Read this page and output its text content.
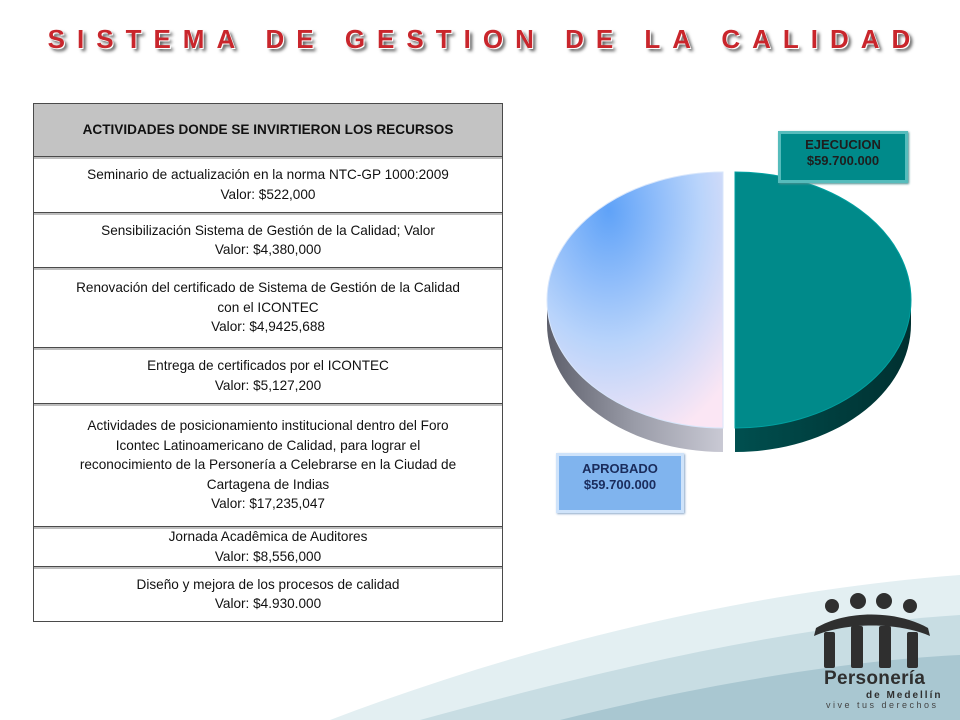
SISTEMA DE GESTION DE LA CALIDAD
ACTIVIDADES DONDE SE INVIRTIERON LOS RECURSOS

Seminario de actualización en la norma NTC-GP 1000:2009
Valor: $522,000

Sensibilización Sistema de Gestión de la Calidad; Valor
Valor: $4,380,000

Renovación del certificado de Sistema de Gestión de la Calidad
con el ICONTEC
Valor: $4,9425,688

Entrega de certificados por el ICONTEC
Valor: $5,127,200

Actividades de posicionamiento institucional dentro del Foro
Icontec Latinoamericano de Calidad, para lograr el
reconocimiento de la Personería a Celebrarse en la Ciudad de
Cartagena de Indias
Valor: $17,235,047

Jornada Acadêmica de Auditores
Valor: $8,556,000

Diseño y mejora de los procesos de calidad
Valor: $4.930.000
EJECUCION
$59.700.000
APROBADO
$59.700.000
Personería
de Medellín
vive tus derechos
